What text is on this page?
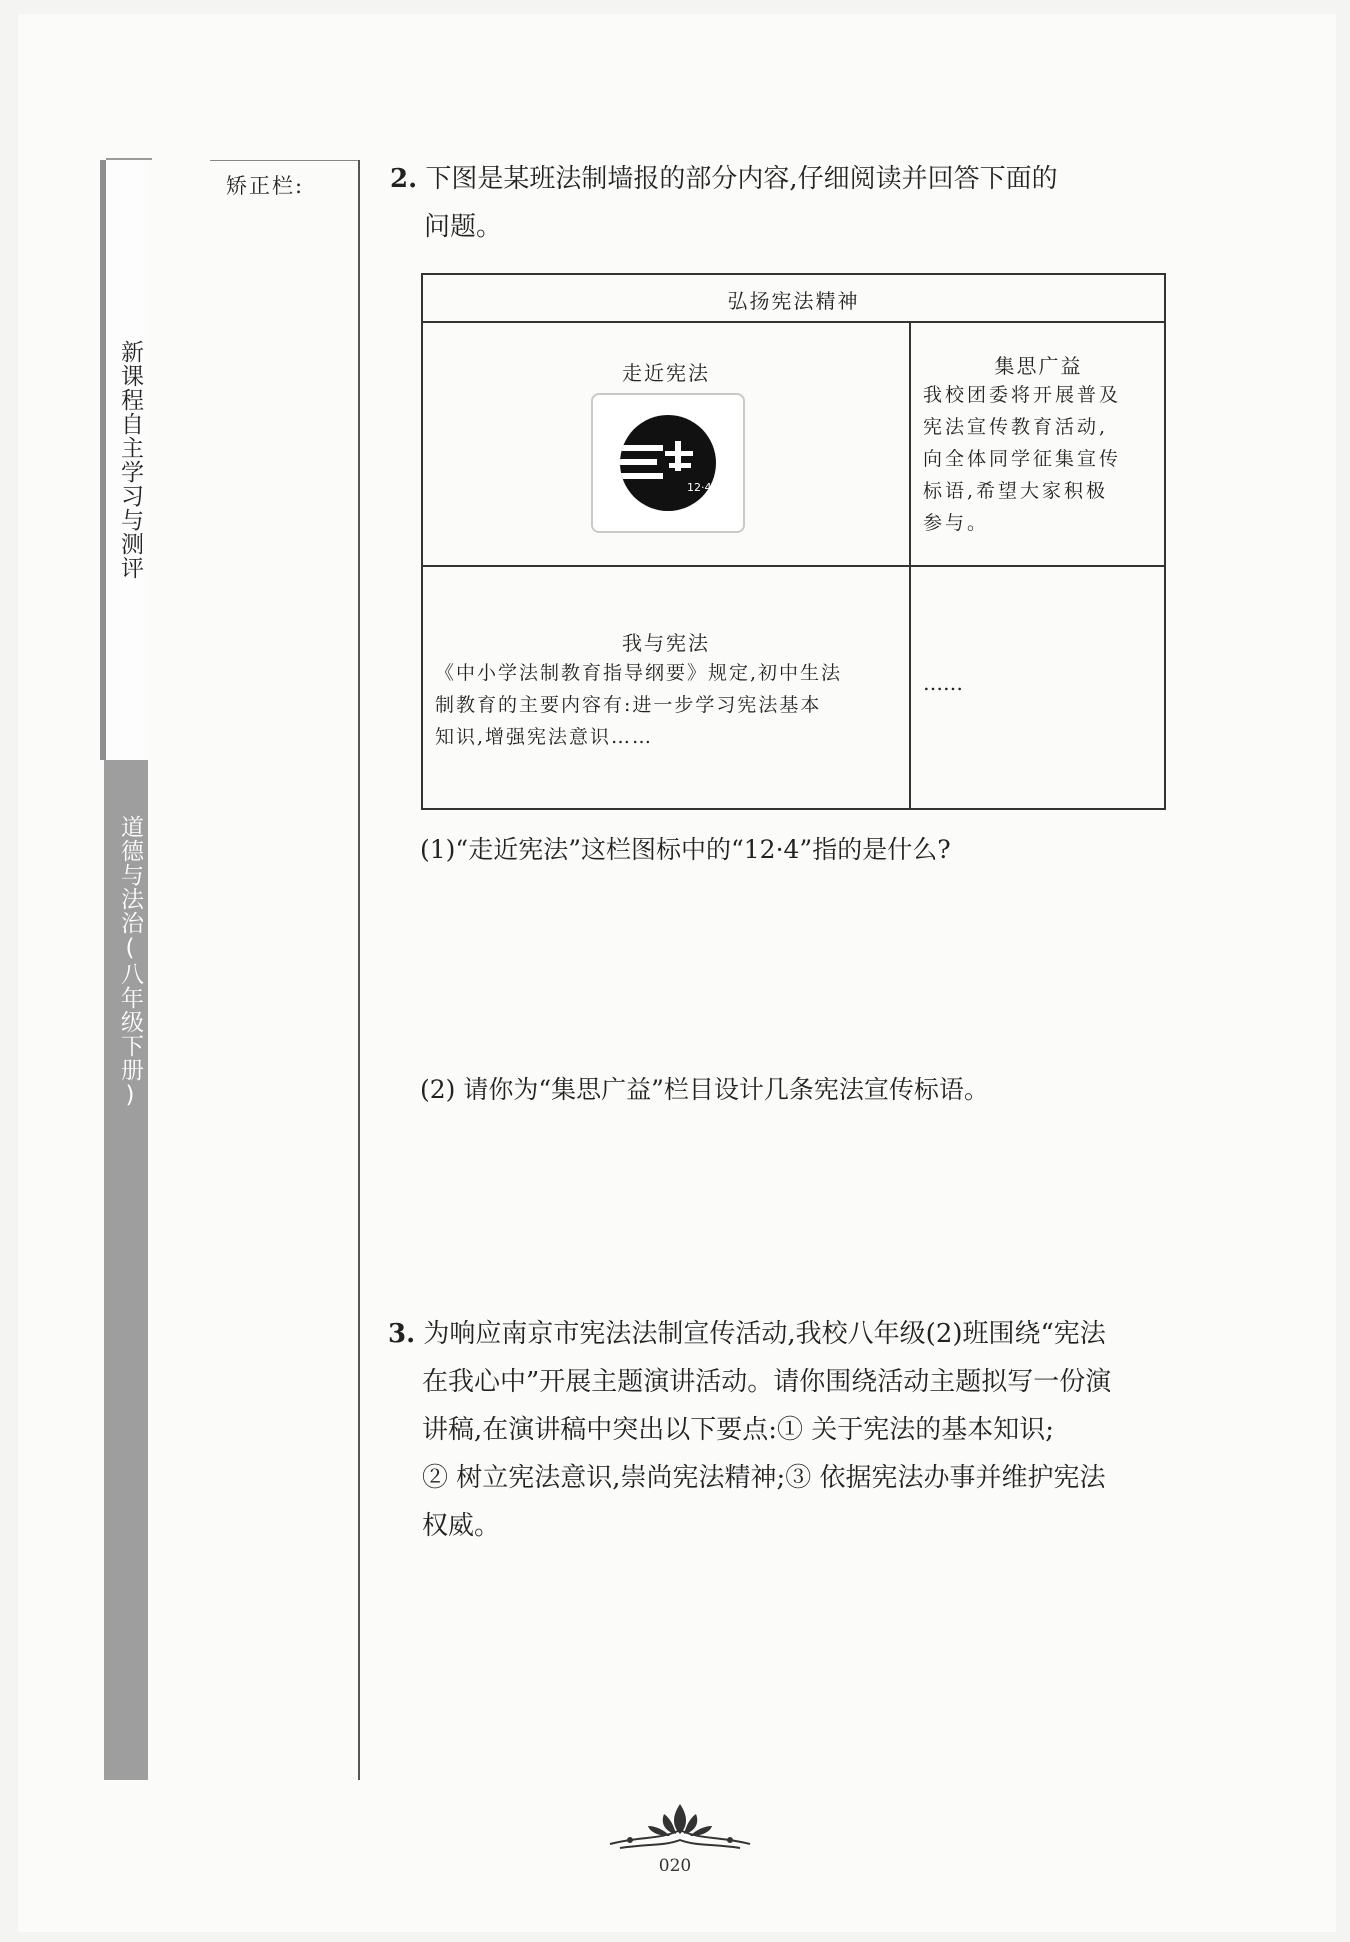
新课程自主学习与测评
道德与法治(八年级下册)
矫正栏:	2. 下图是某班法制墙报的部分内容,仔细阅读并回答下面的
问题。
弘扬宪法精神
走近宪法
12·4
集思广益
我校团委将开展普及
宪法宣传教育活动,
向全体同学征集宣传
标语,希望大家积极
参与。
我与宪法
《中小学法制教育指导纲要》规定,初中生法
制教育的主要内容有:进一步学习宪法基本
知识,增强宪法意识……
……
(1)“走近宪法”这栏图标中的“12·4”指的是什么?
(2) 请你为“集思广益”栏目设计几条宪法宣传标语。
3. 为响应南京市宪法法制宣传活动,我校八年级(2)班围绕“宪法
在我心中”开展主题演讲活动。请你围绕活动主题拟写一份演
讲稿,在演讲稿中突出以下要点:① 关于宪法的基本知识;
② 树立宪法意识,崇尚宪法精神;③ 依据宪法办事并维护宪法
权威。
020
